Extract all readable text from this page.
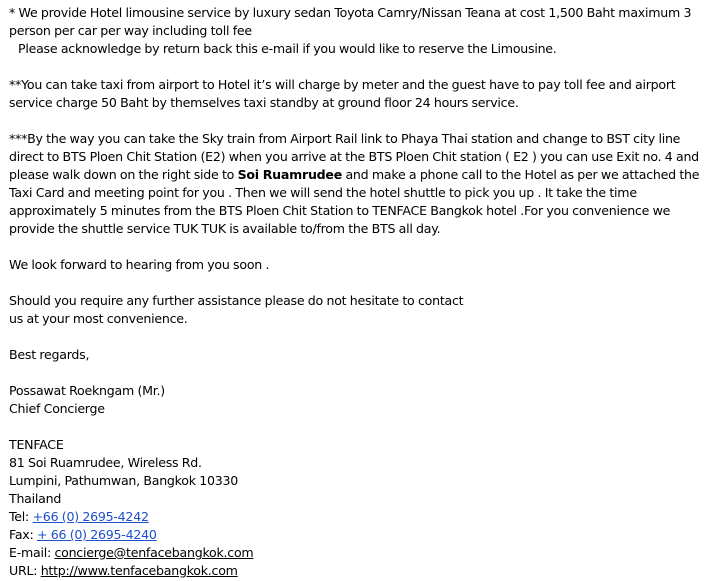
* We provide Hotel limousine service by luxury sedan Toyota Camry/Nissan Teana at cost 1,500 Baht maximum 3 person per car per way including toll fee

Please acknowledge by return back this e-mail if you would like to reserve the Limousine.

**You can take taxi from airport to Hotel it’s will charge by meter and the guest have to pay toll fee and airport service charge 50 Baht by themselves taxi standby at ground floor 24 hours service.

***By the way you can take the Sky train from Airport Rail link to Phaya Thai station and change to BST city line direct to BTS Ploen Chit Station (E2) when you arrive at the BTS Ploen Chit station ( E2 ) you can use Exit no. 4 and please walk down on the right side to Soi Ruamrudee and make a phone call to the Hotel as per we attached the Taxi Card and meeting point for you . Then we will send the hotel shuttle to pick you up . It take the time approximately 5 minutes from the BTS Ploen Chit Station to TENFACE Bangkok hotel .For you convenience we provide the shuttle service TUK TUK is available to/from the BTS all day.

We look forward to hearing from you soon .

Should you require any further assistance please do not hesitate to contact

us at your most convenience.

Best regards,

Possawat Roekngam (Mr.)

Chief Concierge

TENFACE

81 Soi Ruamrudee, Wireless Rd.

Lumpini, Pathumwan, Bangkok 10330

Thailand

Tel: +66 (0) 2695-4242

Fax: + 66 (0) 2695-4240

E-mail: concierge@tenfacebangkok.com

URL: http://www.tenfacebangkok.com
